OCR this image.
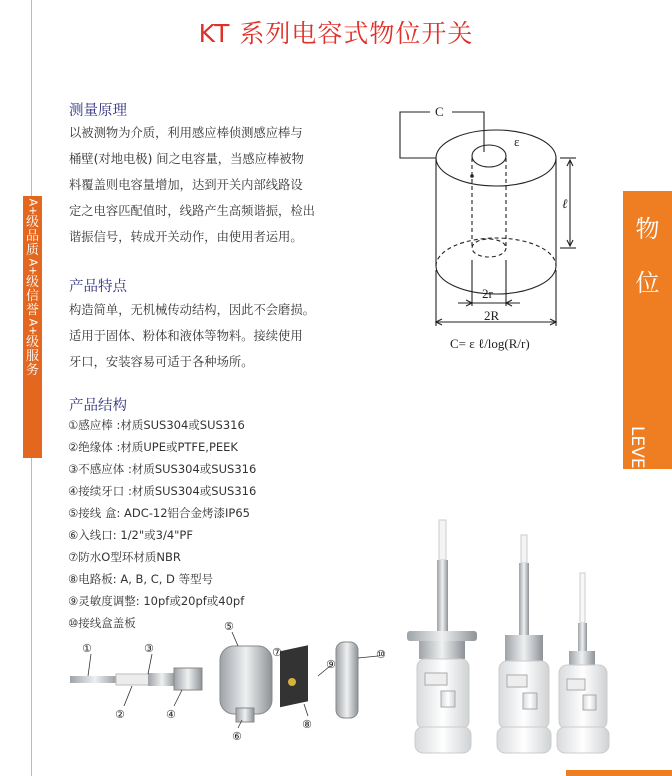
KT 系列电容式物位开关
A+
级
品
质
A+
级
信
誉
A+
级
服
务
物
位
LEVEL
测量原理
以被测物为介质，利用感应棒侦测感应棒与
桶壁(对地电极) 间之电容量，当感应棒被物
料覆盖则电容量增加，达到开关内部线路设
定之电容匹配值时，线路产生高频谐振，检出
谐振信号，转成开关动作，由使用者运用。
产品特点
构造简单，无机械传动结构，因此不会磨损。
适用于固体、粉体和液体等物料。接续使用
牙口，安装容易可适于各种场所。
产品结构
①感应棒 :材质SUS304或SUS316
②绝缘体 :材质UPE或PTFE,PEEK
③不感应体 :材质SUS304或SUS316
④接续牙口 :材质SUS304或SUS316
⑤接线 盒: ADC-12铝合金烤漆IP65
⑥入线口: 1/2"或3/4"PF
⑦防水O型环材质NBR
⑧电路板: A, B, C, D 等型号
⑨灵敏度调整: 10pf或20pf或40pf
⑩接线盒盖板
C
ε
ℓ
2r
2R
C= ε ℓ/log(R/r)
①
②
③
④
⑤
⑥
⑦
⑧
⑨
⑩
